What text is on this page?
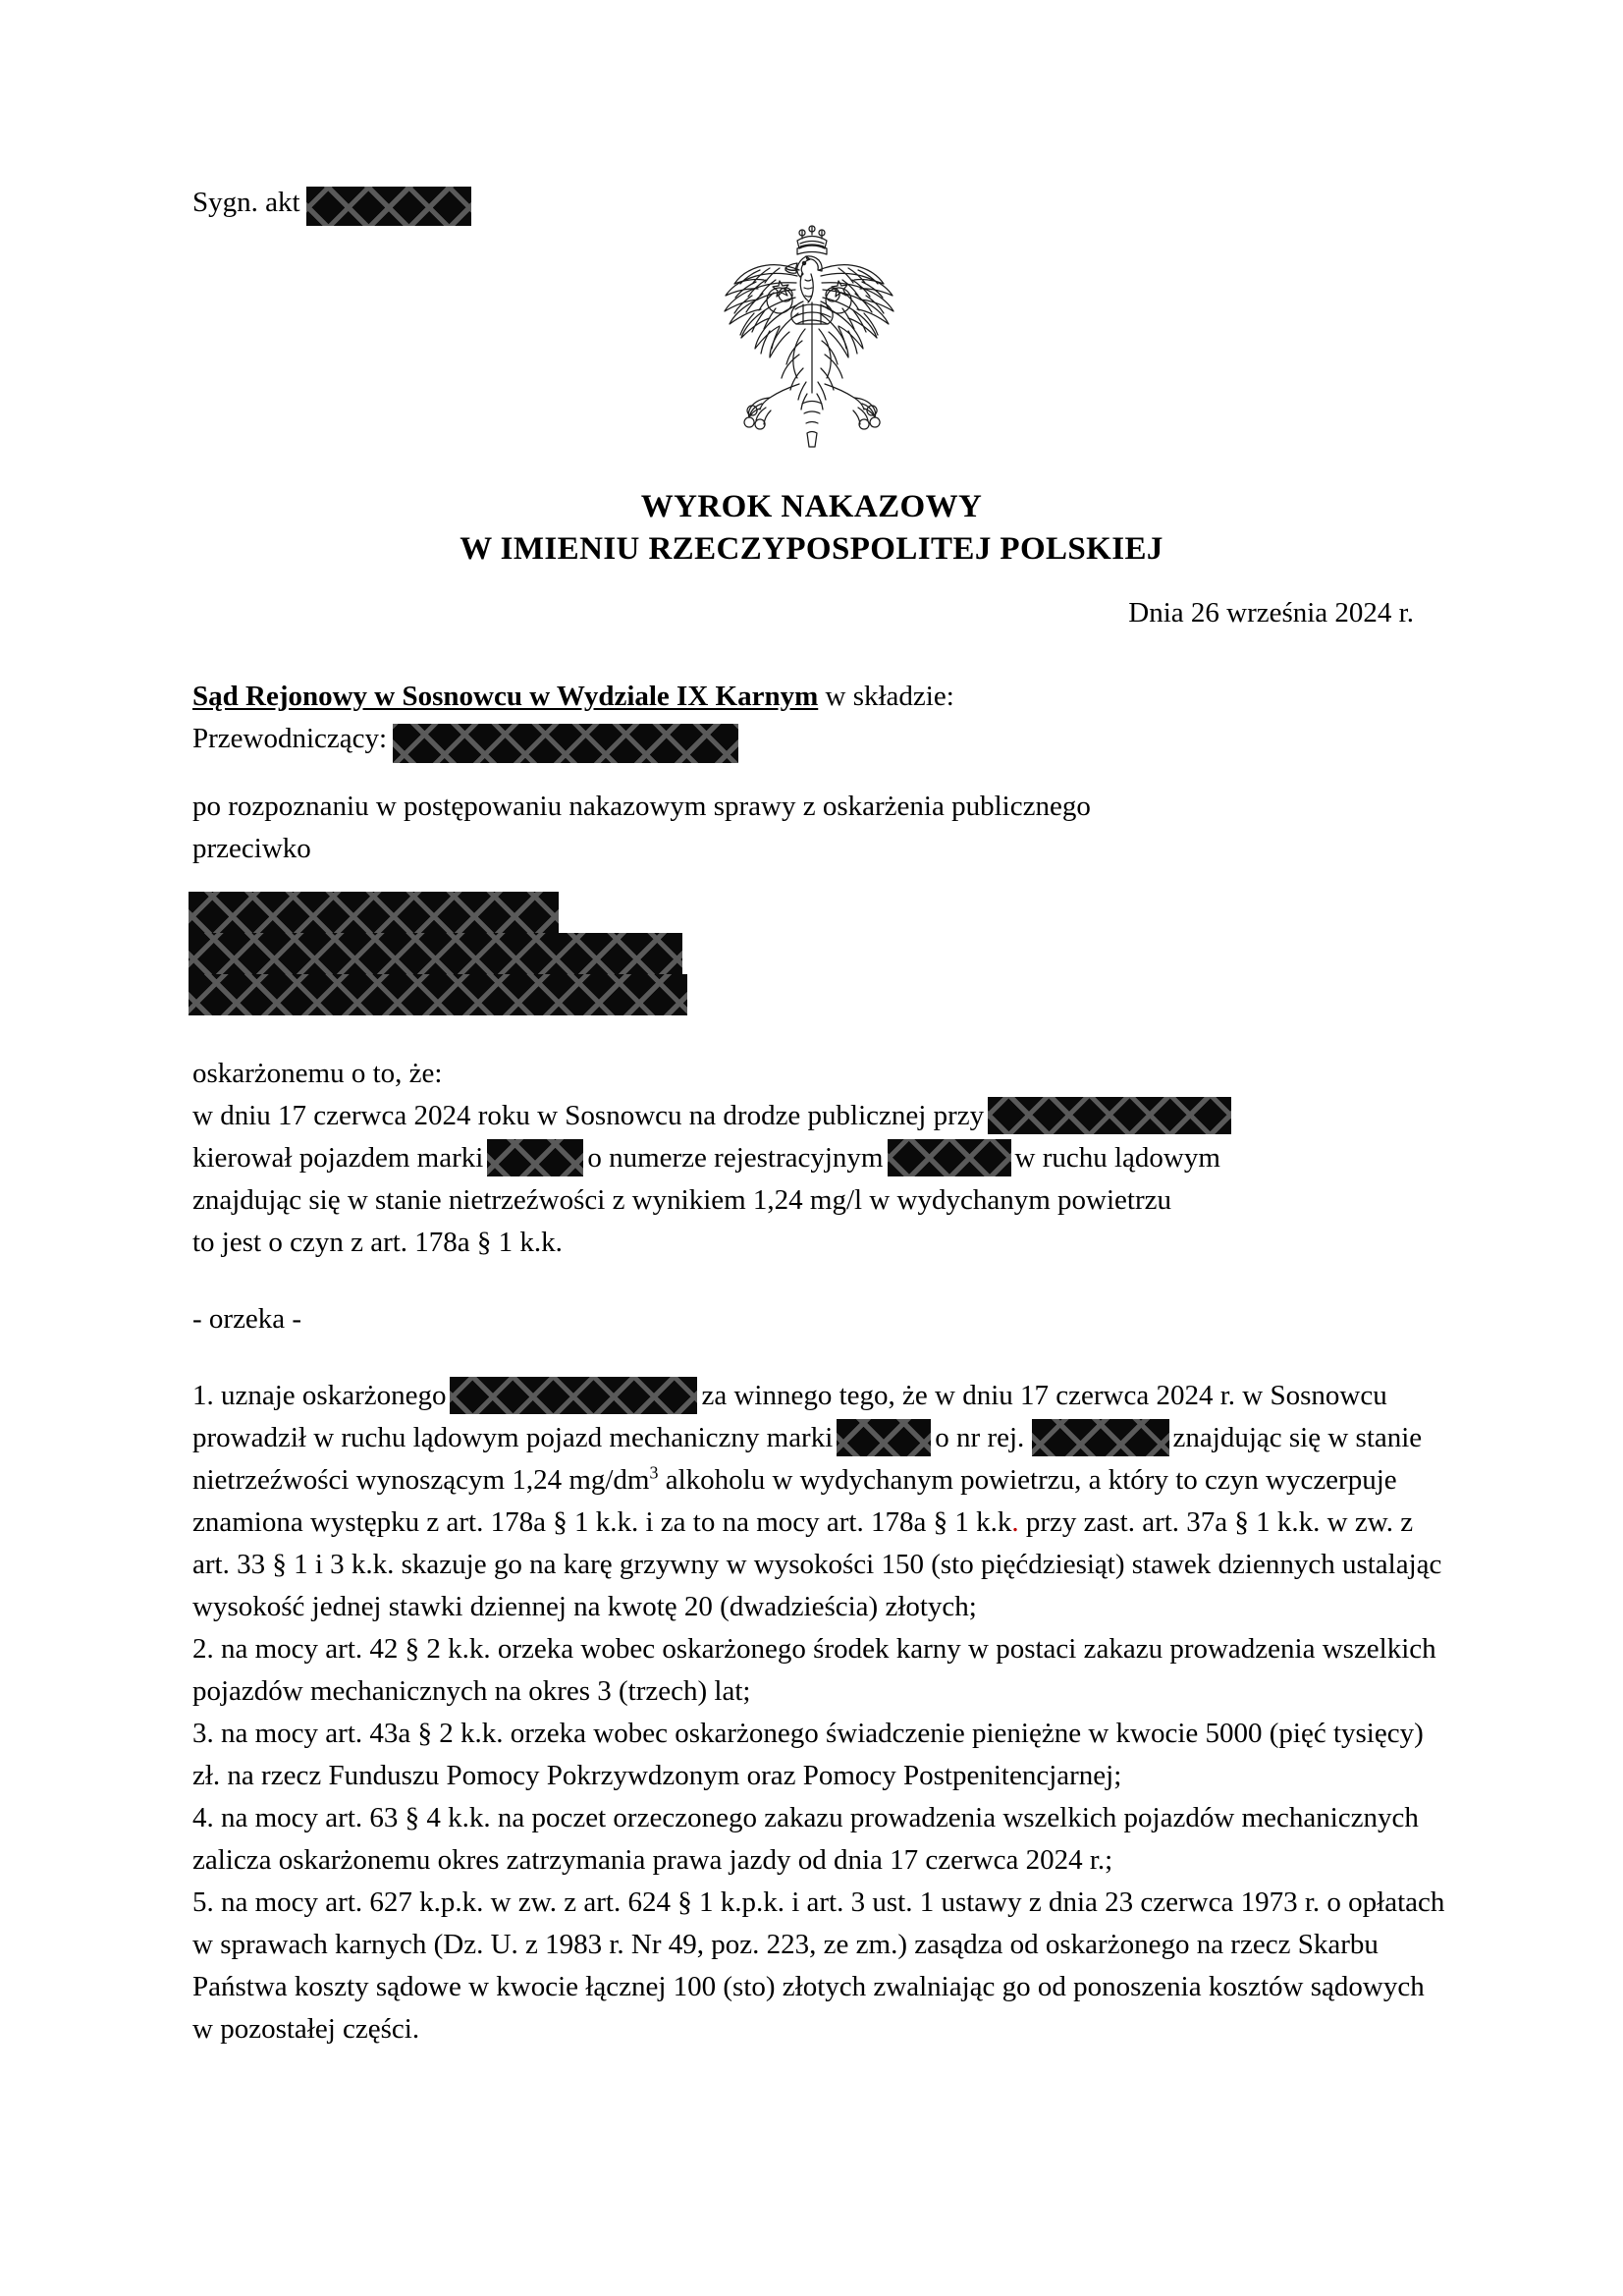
Sygn. akt
WYROK NAKAZOWY
W IMIENIU RZECZYPOSPOLITEJ POLSKIEJ
Dnia 26 września 2024 r.
Sąd Rejonowy w Sosnowcu w Wydziale IX Karnym w składzie:
Przewodniczący:
po rozpoznaniu w postępowaniu nakazowym sprawy z oskarżenia publicznego
przeciwko
oskarżonemu o to, że:
w dniu 17 czerwca 2024 roku w Sosnowcu na drodze publicznej przy
kierował pojazdem marki	o numerze rejestracyjnym	w ruchu lądowym
znajdując się w stanie nietrzeźwości z wynikiem 1,24 mg/l w wydychanym powietrzu
to jest o czyn z art. 178a § 1 k.k.
- orzeka -

1. uznaje oskarżonego	za winnego tego, że w dniu 17 czerwca 2024 r. w Sosnowcu prowadził w ruchu lądowym pojazd mechaniczny marki	o nr rej.	znajdując się w stanie nietrzeźwości wynoszącym 1,24 $mg/dm^3$ alkoholu w wydychanym powietrzu, a który to czyn wyczerpuje znamiona występku z art. 178a § 1 k.k. i za to na mocy art. 178a § 1 k.k. przy zast. art. 37a § 1 k.k. w zw. z art. 33 § 1 i 3 k.k. skazuje go na karę grzywny w wysokości 150 (sto pięćdziesiąt) stawek dziennych ustalając wysokość jednej stawki dziennej na kwotę 20 (dwadzieścia) złotych;

2. na mocy art. 42 § 2 k.k. orzeka wobec oskarżonego środek karny w postaci zakazu prowadzenia wszelkich pojazdów mechanicznych na okres 3 (trzech) lat;

3. na mocy art. 43a § 2 k.k. orzeka wobec oskarżonego świadczenie pieniężne w kwocie 5000 (pięć tysięcy) zł. na rzecz Funduszu Pomocy Pokrzywdzonym oraz Pomocy Postpenitencjarnej;

4. na mocy art. 63 § 4 k.k. na poczet orzeczonego zakazu prowadzenia wszelkich pojazdów mechanicznych zalicza oskarżonemu okres zatrzymania prawa jazdy od dnia 17 czerwca 2024 r.;

5. na mocy art. 627 k.p.k. w zw. z art. 624 § 1 k.p.k. i art. 3 ust. 1 ustawy z dnia 23 czerwca 1973 r. o opłatach w sprawach karnych (Dz. U. z 1983 r. Nr 49, poz. 223, ze zm.) zasądza od oskarżonego na rzecz Skarbu Państwa koszty sądowe w kwocie łącznej 100 (sto) złotych zwalniając go od ponoszenia kosztów sądowych w pozostałej części.
